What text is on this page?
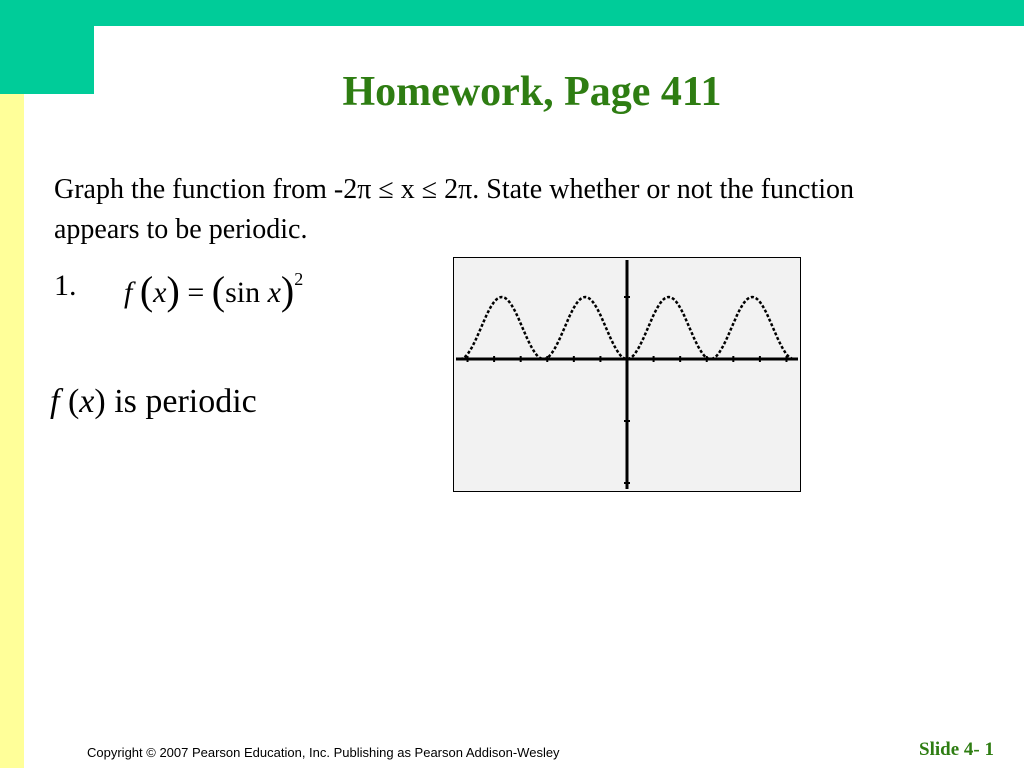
Homework, Page 411
Graph the function from -2π ≤ x ≤ 2π. State whether or not the function appears to be periodic.
1. f (x) = (sin x)$^2$
f (x) is periodic
Copyright © 2007 Pearson Education, Inc. Publishing as Pearson Addison-Wesley	Slide 4- 1
